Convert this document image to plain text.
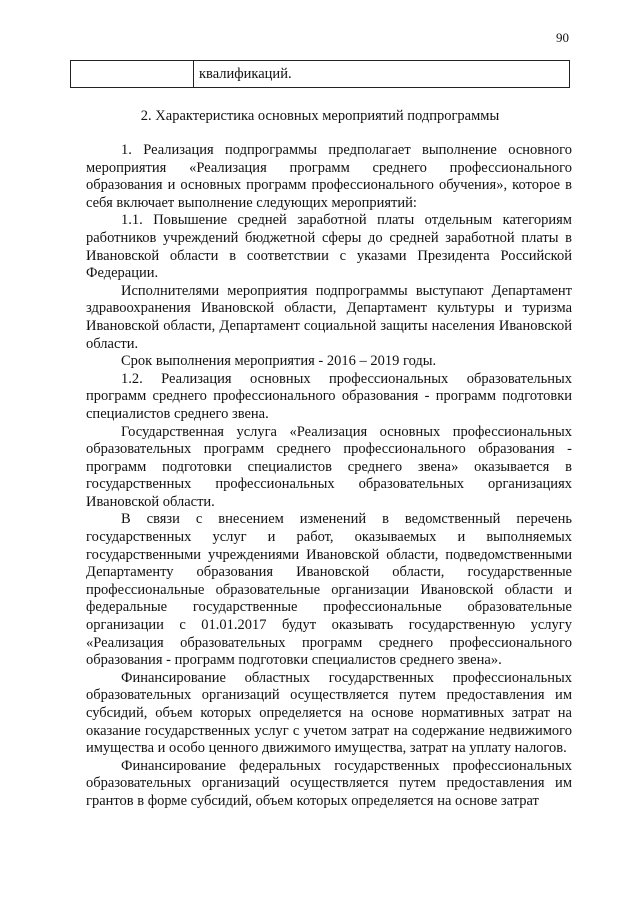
90
квалификаций.
2. Характеристика основных мероприятий подпрограммы

1. Реализация подпрограммы предполагает выполнение основного мероприятия «Реализация программ среднего профессионального образования и основных программ профессионального обучения», которое в себя включает выполнение следующих мероприятий:

1.1. Повышение средней заработной платы отдельным категориям работников учреждений бюджетной сферы до средней заработной платы в Ивановской области в соответствии с указами Президента Российской Федерации.

Исполнителями мероприятия подпрограммы выступают Департамент здравоохранения Ивановской области, Департамент культуры и туризма Ивановской области, Департамент социальной защиты населения Ивановской области.

Срок выполнения мероприятия - 2016 – 2019 годы.

1.2. Реализация основных профессиональных образовательных программ среднего профессионального образования - программ подготовки специалистов среднего звена.

Государственная услуга «Реализация основных профессиональных образовательных программ среднего профессионального образования - программ подготовки специалистов среднего звена» оказывается в государственных профессиональных образовательных организациях Ивановской области.

В связи с внесением изменений в ведомственный перечень государственных услуг и работ, оказываемых и выполняемых государственными учреждениями Ивановской области, подведомственными Департаменту образования Ивановской области, государственные профессиональные образовательные организации Ивановской области и федеральные государственные профессиональные образовательные организации с 01.01.2017 будут оказывать государственную услугу «Реализация образовательных программ среднего профессионального образования - программ подготовки специалистов среднего звена».

Финансирование областных государственных профессиональных образовательных организаций осуществляется путем предоставления им субсидий, объем которых определяется на основе нормативных затрат на оказание государственных услуг с учетом затрат на содержание недвижимого имущества и особо ценного движимого имущества, затрат на уплату налогов.

Финансирование федеральных государственных профессиональных образовательных организаций осуществляется путем предоставления им грантов в форме субсидий, объем которых определяется на основе затрат
